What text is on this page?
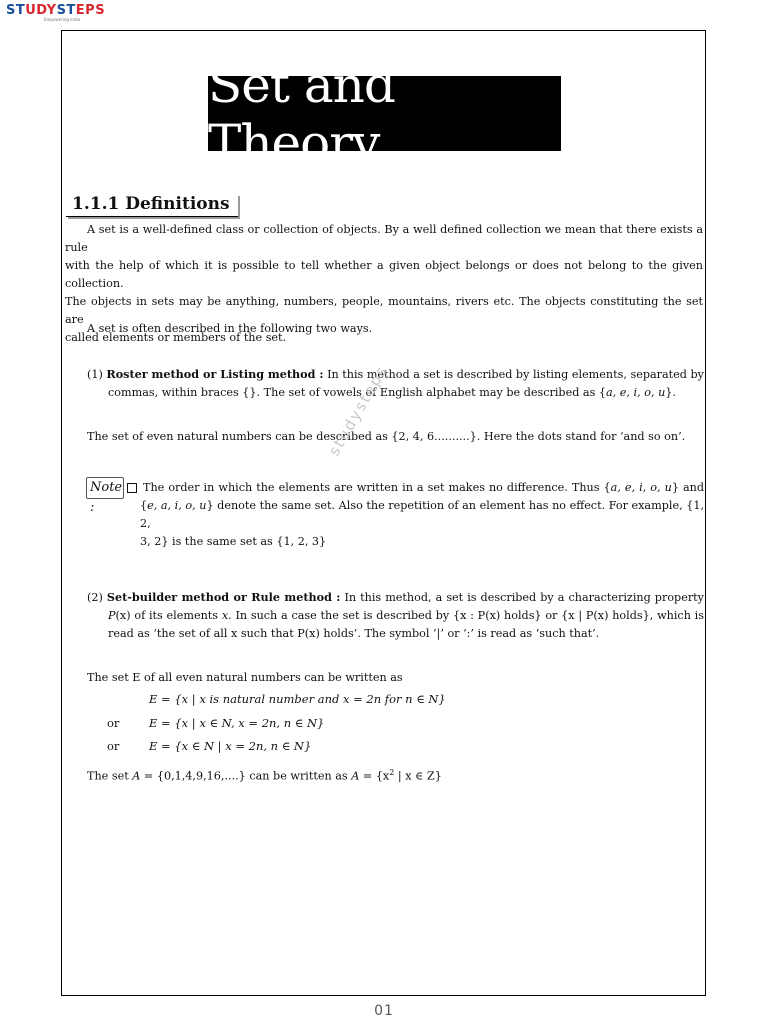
STUDYSTEPS
Empowering India
Set and Theory
1.1.1 Definitions
A set is a well-defined class or collection of objects. By a well defined collection we mean that there exists a rule
with the help of which it is possible to tell whether a given object belongs or does not belong to the given collection.
The objects in sets may be anything, numbers, people, mountains, rivers etc. The objects constituting the set are
called elements or members of the set.
A set is often described in the following two ways.
(1) Roster method or Listing method : In this method a set is described by listing elements, separated by
commas, within braces {}. The set of vowels of English alphabet may be described as {a, e, i, o, u}.
The set of even natural numbers can be described as {2, 4, 6..........}. Here the dots stand for ‘and so on’.
studysteps
Note :
The order in which the elements are written in a set makes no difference. Thus {a, e, i, o, u} and
{e, a, i, o, u} denote the same set. Also the repetition of an element has no effect. For example, {1, 2,
3, 2} is the same set as {1, 2, 3}
(2) Set-builder method or Rule method : In this method, a set is described by a characterizing property
P(x) of its elements x. In such a case the set is described by {x : P(x) holds} or {x | P(x) holds}, which is
read as ‘the set of all x such that P(x) holds’. The symbol ‘|’ or ‘:’ is read as ‘such that’.
The set E of all even natural numbers can be written as
E = {x | x is natural number and x = 2n for n ∈ N}
or	E = {x | x ∈ N, x = 2n, n ∈ N}
or	E = {x ∈ N | x = 2n, n ∈ N}
The set A = {0,1,4,9,16,....} can be written as $A = \{x^2$ | x ∈ Z}
01
